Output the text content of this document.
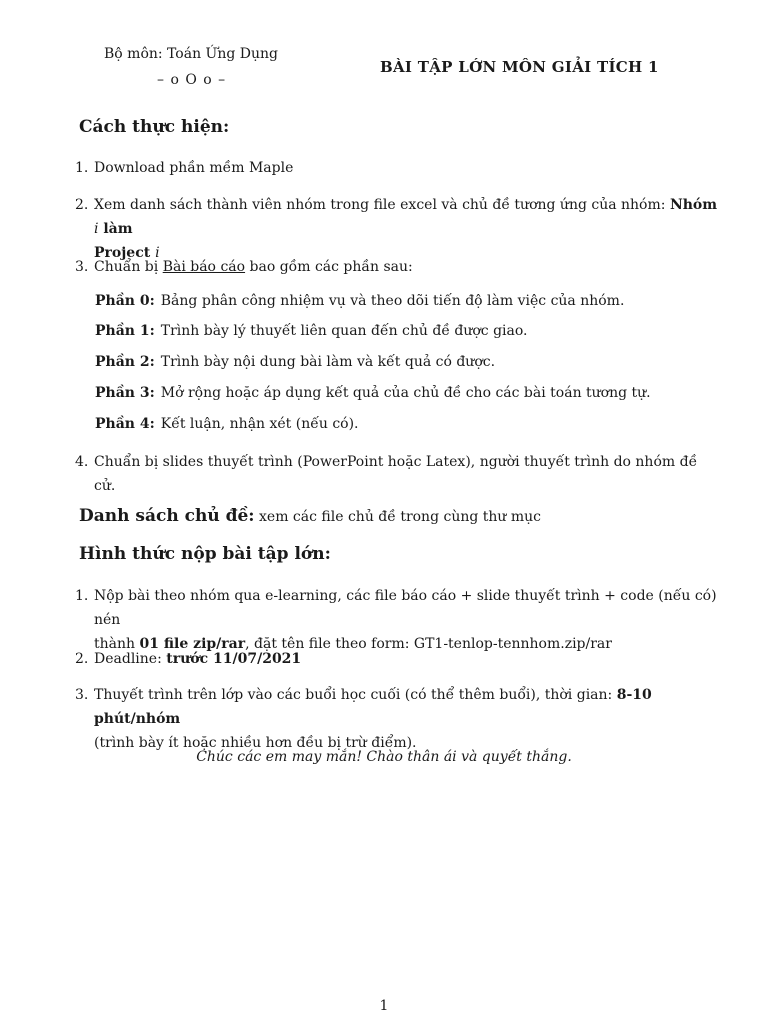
Bộ môn: Toán Ứng Dụng
– o O o –
BÀI TẬP LỚN MÔN GIẢI TÍCH 1
Cách thực hiện:
1. Download phần mềm Maple
2. Xem danh sách thành viên nhóm trong file excel và chủ đề tương ứng của nhóm: Nhóm i làm
Project i
3. Chuẩn bị Bài báo cáo bao gồm các phần sau:
4. Chuẩn bị slides thuyết trình (PowerPoint hoặc Latex), người thuyết trình do nhóm đề cử.
Phần 0: Bảng phân công nhiệm vụ và theo dõi tiến độ làm việc của nhóm.
Phần 1: Trình bày lý thuyết liên quan đến chủ đề được giao.
Phần 2: Trình bày nội dung bài làm và kết quả có được.
Phần 3: Mở rộng hoặc áp dụng kết quả của chủ đề cho các bài toán tương tự.
Phần 4: Kết luận, nhận xét (nếu có).
Danh sách chủ đề: xem các file chủ đề trong cùng thư mục
Hình thức nộp bài tập lớn:
1. Nộp bài theo nhóm qua e-learning, các file báo cáo + slide thuyết trình + code (nếu có) nén
thành 01 file zip/rar, đặt tên file theo form: GT1-tenlop-tennhom.zip/rar
2. Deadline: trước 11/07/2021
3. Thuyết trình trên lớp vào các buổi học cuối (có thể thêm buổi), thời gian: 8-10 phút/nhóm
(trình bày ít hoặc nhiều hơn đều bị trừ điểm).
Chúc các em may mắn! Chào thân ái và quyết thắng.
1
